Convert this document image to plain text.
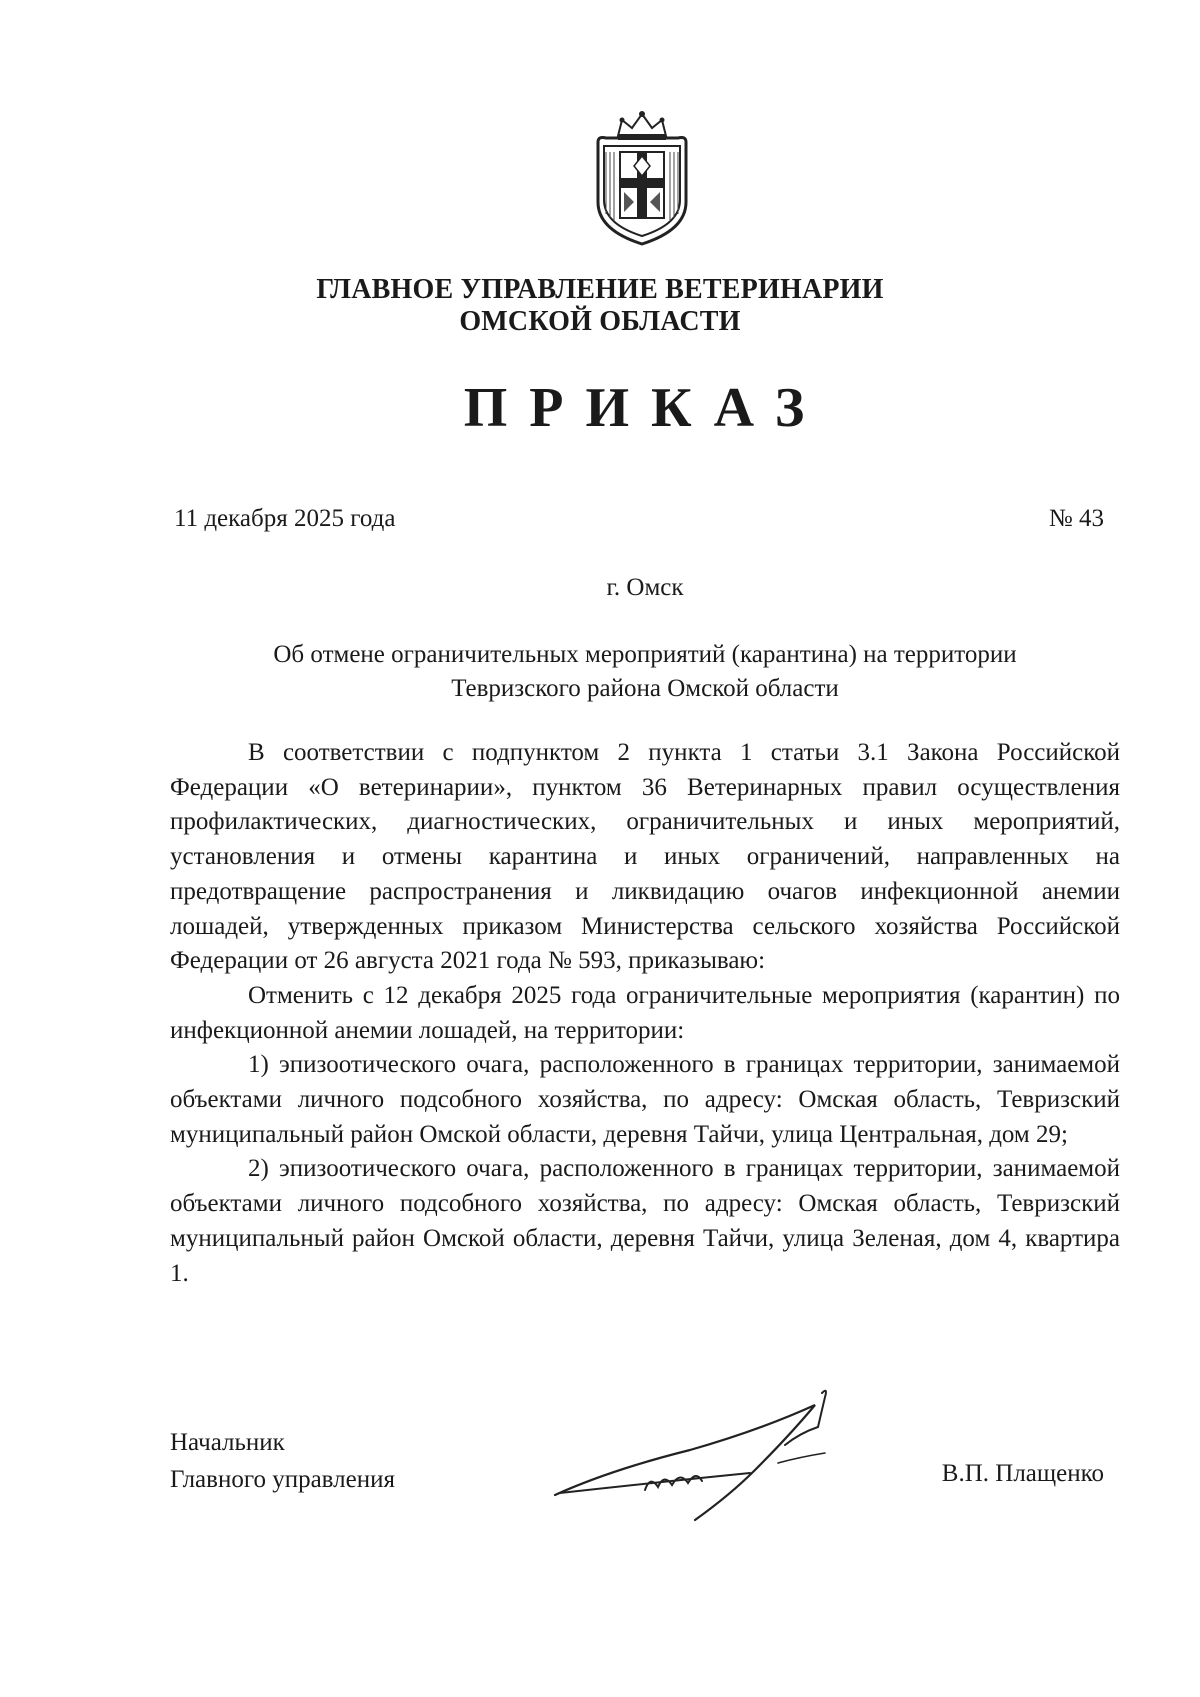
ГЛАВНОЕ УПРАВЛЕНИЕ ВЕТЕРИНАРИИ
ОМСКОЙ ОБЛАСТИ
ПРИКАЗ
11 декабря 2025 года	№ 43
г. Омск
Об отмене ограничительных мероприятий (карантина) на территории
Тевризского района Омской области

В соответствии с подпунктом 2 пункта 1 статьи 3.1 Закона Российской Федерации «О ветеринарии», пунктом 36 Ветеринарных правил осуществления профилактических, диагностических, ограничительных и иных мероприятий, установления и отмены карантина и иных ограничений, направленных на предотвращение распространения и ликвидацию очагов инфекционной анемии лошадей, утвержденных приказом Министерства сельского хозяйства Российской Федерации от 26 августа 2021 года № 593, приказываю:

Отменить с 12 декабря 2025 года ограничительные мероприятия (карантин) по инфекционной анемии лошадей, на территории:

1) эпизоотического очага, расположенного в границах территории, занимаемой объектами личного подсобного хозяйства, по адресу: Омская область, Тевризский муниципальный район Омской области, деревня Тайчи, улица Центральная, дом 29;

2) эпизоотического очага, расположенного в границах территории, занимаемой объектами личного подсобного хозяйства, по адресу: Омская область, Тевризский муниципальный район Омской области, деревня Тайчи, улица Зеленая, дом 4, квартира 1.

Начальник
Главного управления	В.П. Плащенко
